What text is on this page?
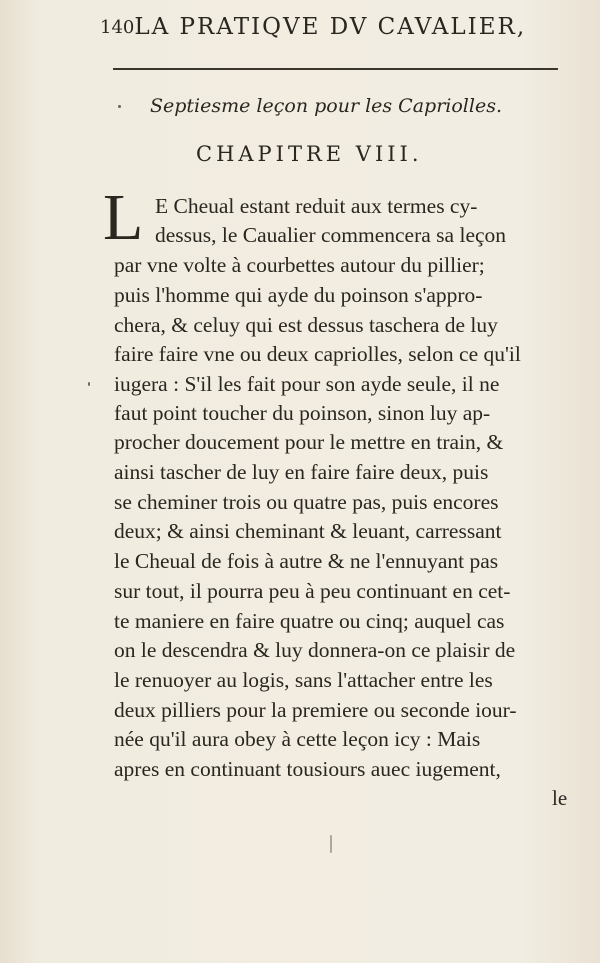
140LA PRATIQVE DV CAVALIER,
Septiesme leçon pour les Capriolles.
CHAPITRE VIII.
L E Cheual estant reduit aux termes cy-
dessus, le Caualier commencera sa leçon
par vne volte à courbettes autour du pillier;
puis l'homme qui ayde du poinson s'appro-
chera, & celuy qui est dessus taschera de luy
faire faire vne ou deux capriolles, selon ce qu'il
iugera : S'il les fait pour son ayde seule, il ne
faut point toucher du poinson, sinon luy ap-
procher doucement pour le mettre en train, &
ainsi tascher de luy en faire faire deux, puis
se cheminer trois ou quatre pas, puis encores
deux; & ainsi cheminant & leuant, carressant
le Cheual de fois à autre & ne l'ennuyant pas
sur tout, il pourra peu à peu continuant en cet-
te maniere en faire quatre ou cinq; auquel cas
on le descendra & luy donnera-on ce plaisir de
le renuoyer au logis, sans l'attacher entre les
deux pilliers pour la premiere ou seconde iour-
née qu'il aura obey à cette leçon icy : Mais
apres en continuant tousiours auec iugement,
le
